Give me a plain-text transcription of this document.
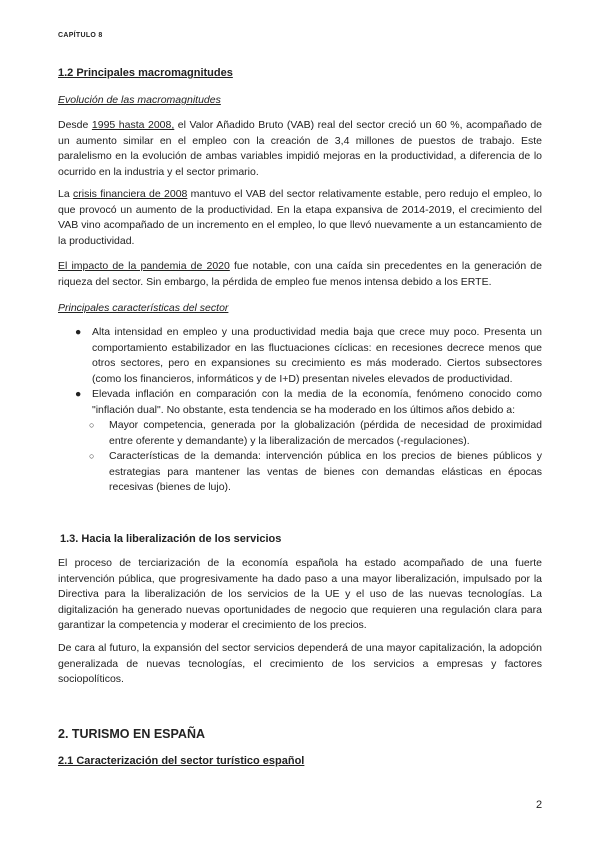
CAPÍTULO 8
1.2 Principales macromagnitudes
Evolución de las macromagnitudes

Desde 1995 hasta 2008, el Valor Añadido Bruto (VAB) real del sector creció un 60 %, acompañado de un aumento similar en el empleo con la creación de 3,4 millones de puestos de trabajo. Este paralelismo en la evolución de ambas variables impidió mejoras en la productividad, a diferencia de lo ocurrido en la industria y el sector primario.

La crisis financiera de 2008 mantuvo el VAB del sector relativamente estable, pero redujo el empleo, lo que provocó un aumento de la productividad. En la etapa expansiva de 2014-2019, el crecimiento del VAB vino acompañado de un incremento en el empleo, lo que llevó nuevamente a un estancamiento de la productividad.

El impacto de la pandemia de 2020 fue notable, con una caída sin precedentes en la generación de riqueza del sector. Sin embargo, la pérdida de empleo fue menos intensa debido a los ERTE.

Principales características del sector
● Alta intensidad en empleo y una productividad media baja que crece muy poco. Presenta un comportamiento estabilizador en las fluctuaciones cíclicas: en recesiones decrece menos que otros sectores, pero en expansiones su crecimiento es más moderado. Ciertos subsectores (como los financieros, informáticos y de I+D) presentan niveles elevados de productividad.
● Elevada inflación en comparación con la media de la economía, fenómeno conocido como "inflación dual". No obstante, esta tendencia se ha moderado en los últimos años debido a:
○ Mayor competencia, generada por la globalización (pérdida de necesidad de proximidad entre oferente y demandante) y la liberalización de mercados (-regulaciones).
○ Características de la demanda: intervención pública en los precios de bienes públicos y estrategias para mantener las ventas de bienes con demandas elásticas en épocas recesivas (bienes de lujo).
1.3. Hacia la liberalización de los servicios

El proceso de terciarización de la economía española ha estado acompañado de una fuerte intervención pública, que progresivamente ha dado paso a una mayor liberalización, impulsado por la Directiva para la liberalización de los servicios de la UE y el uso de las nuevas tecnologías. La digitalización ha generado nuevas oportunidades de negocio que requieren una regulación clara para garantizar la competencia y moderar el crecimiento de los precios.

De cara al futuro, la expansión del sector servicios dependerá de una mayor capitalización, la adopción generalizada de nuevas tecnologías, el crecimiento de los servicios a empresas y factores sociopolíticos.

2. TURISMO EN ESPAÑA
2.1 Caracterización del sector turístico español
2
